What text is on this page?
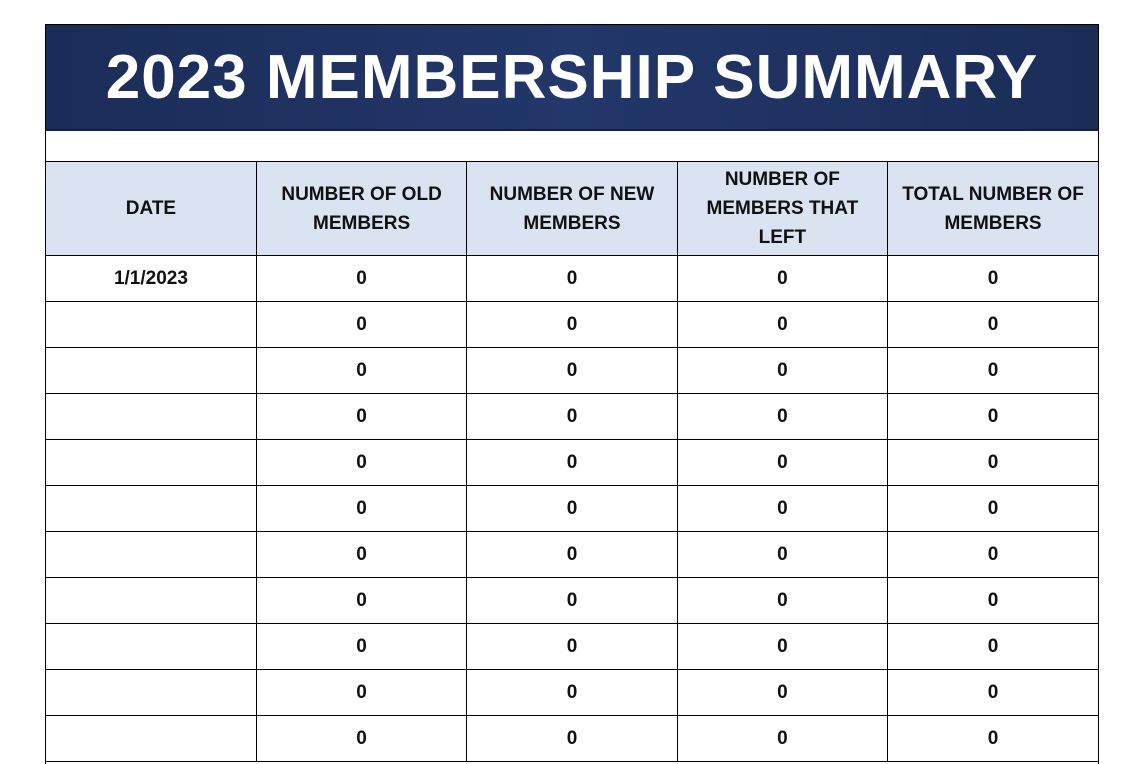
2023 MEMBERSHIP SUMMARY
DATE	NUMBER OF OLD MEMBERS	NUMBER OF NEW MEMBERS	NUMBER OF MEMBERS THAT LEFT	TOTAL NUMBER OF MEMBERS
1/1/2023	0	0	0	0
	0	0	0	0
	0	0	0	0
	0	0	0	0
	0	0	0	0
	0	0	0	0
	0	0	0	0
	0	0	0	0
	0	0	0	0
	0	0	0	0
	0	0	0	0
